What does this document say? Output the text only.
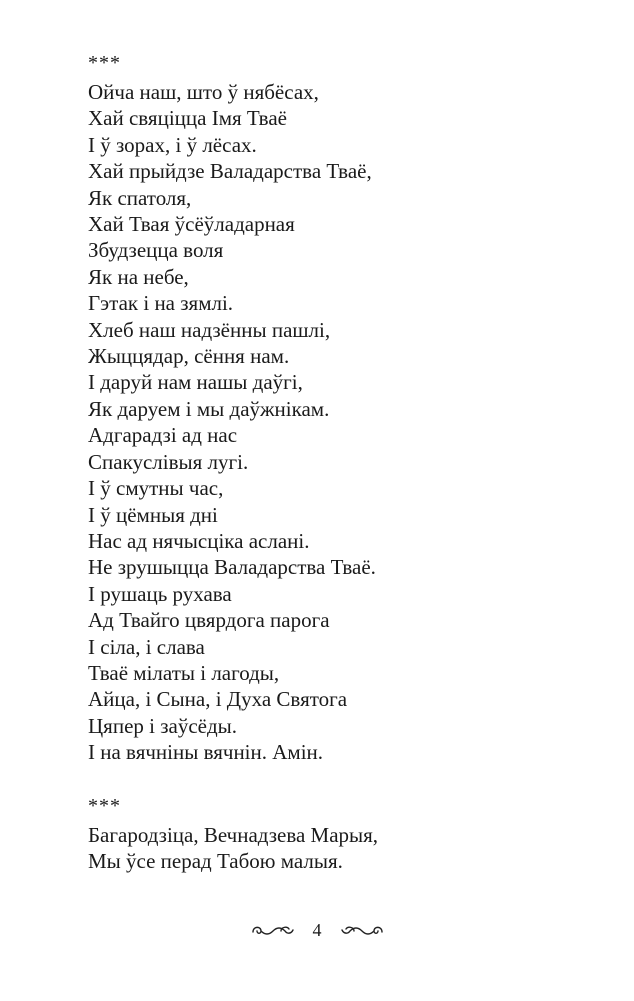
***
Ойча наш, што ў нябёсах,
Хай свяціцца Імя Тваё
І ў зорах, і ў лёсах.
Хай прыйдзе Валадарства Тваё,
Як спатоля,
Хай Твая ўсёўладарная
Збудзецца воля
Як на небе,
Гэтак і на зямлі.
Хлеб наш надзённы пашлі,
Жыццядар, сёння нам.
І даруй нам нашы даўгі,
Як даруем і мы даўжнікам.
Адгарадзі ад нас
Спакуслівыя лугі.
І ў смутны час,
І ў цёмныя дні
Нас ад нячысціка аслані.
Не зрушыцца Валадарства Тваё.
І рушаць рухава
Ад Твайго цвярдога парога
І сіла, і слава
Тваё мілаты і лагоды,
Айца, і Сына, і Духа Святога
Цяпер і заўсёды.
І на вячніны вячнін. Амін.
***
Багародзіца, Вечнадзева Марыя,
Мы ўсе перад Табою малыя.
4
